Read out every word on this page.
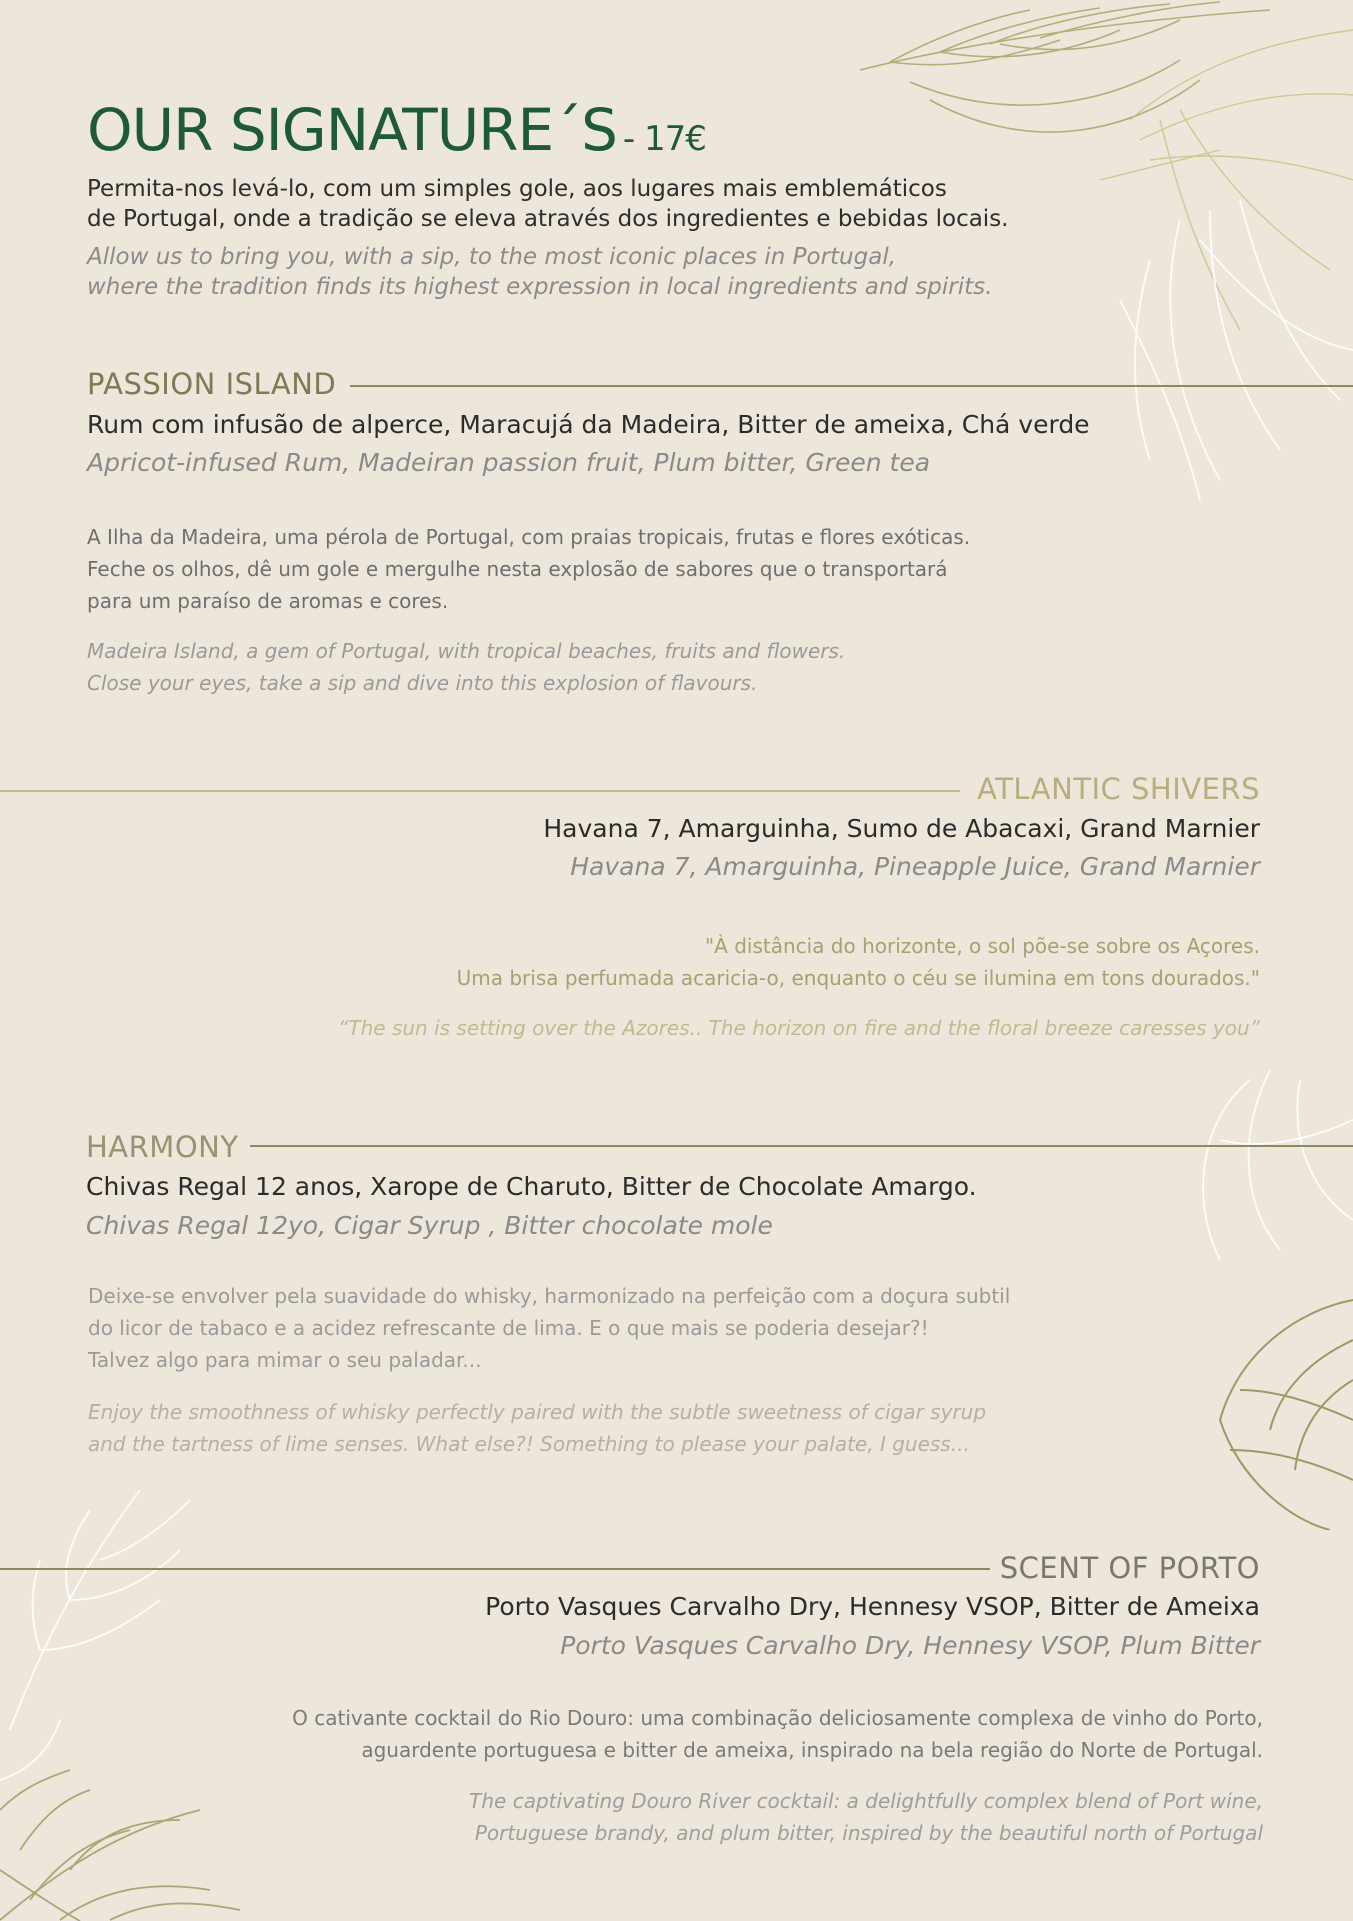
OUR SIGNATURE´S - 17€
Permita-nos levá-lo, com um simples gole, aos lugares mais emblemáticos
de Portugal, onde a tradição se eleva através dos ingredientes e bebidas locais.
Allow us to bring you, with a sip, to the most iconic places in Portugal,
where the tradition finds its highest expression in local ingredients and spirits.
PASSION ISLAND
Rum com infusão de alperce, Maracujá da Madeira, Bitter de ameixa, Chá verde
Apricot-infused Rum, Madeiran passion fruit, Plum bitter, Green tea
A Ilha da Madeira, uma pérola de Portugal, com praias tropicais, frutas e flores exóticas.
Feche os olhos, dê um gole e mergulhe nesta explosão de sabores que o transportará
para um paraíso de aromas e cores.
Madeira Island, a gem of Portugal, with tropical beaches, fruits and flowers.
Close your eyes, take a sip and dive into this explosion of flavours.
ATLANTIC SHIVERS
Havana 7, Amarguinha, Sumo de Abacaxi, Grand Marnier
Havana 7, Amarguinha, Pineapple Juice, Grand Marnier
"À distância do horizonte, o sol põe-se sobre os Açores.
Uma brisa perfumada acaricia-o, enquanto o céu se ilumina em tons dourados."
“The sun is setting over the Azores.. The horizon on fire and the floral breeze caresses you”
HARMONY
Chivas Regal 12 anos, Xarope de Charuto, Bitter de Chocolate Amargo.
Chivas Regal 12yo, Cigar Syrup , Bitter chocolate mole
Deixe-se envolver pela suavidade do whisky, harmonizado na perfeição com a doçura subtil
do licor de tabaco e a acidez refrescante de lima. E o que mais se poderia desejar?!
Talvez algo para mimar o seu paladar...
Enjoy the smoothness of whisky perfectly paired with the subtle sweetness of cigar syrup
and the tartness of lime senses. What else?! Something to please your palate, I guess...
SCENT OF PORTO
Porto Vasques Carvalho Dry, Hennesy VSOP, Bitter de Ameixa
Porto Vasques Carvalho Dry, Hennesy VSOP, Plum Bitter
O cativante cocktail do Rio Douro: uma combinação deliciosamente complexa de vinho do Porto,
aguardente portuguesa e bitter de ameixa, inspirado na bela região do Norte de Portugal.
The captivating Douro River cocktail: a delightfully complex blend of Port wine,
Portuguese brandy, and plum bitter, inspired by the beautiful north of Portugal
